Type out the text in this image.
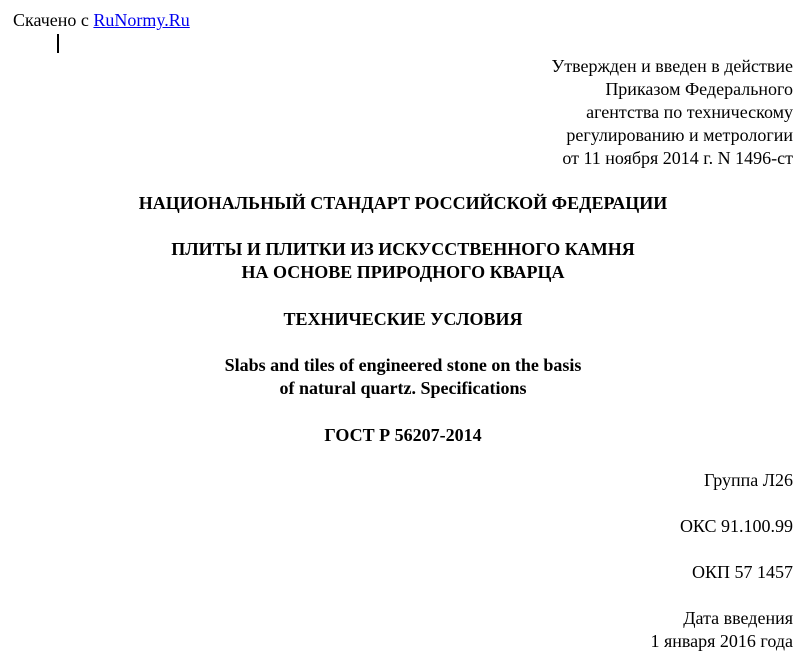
Скачено с RuNormy.Ru
Утвержден и введен в действие
Приказом Федерального
агентства по техническому
регулированию и метрологии
от 11 ноября 2014 г. N 1496-ст
НАЦИОНАЛЬНЫЙ СТАНДАРТ РОССИЙСКОЙ ФЕДЕРАЦИИ
ПЛИТЫ И ПЛИТКИ ИЗ ИСКУССТВЕННОГО КАМНЯ
НА ОСНОВЕ ПРИРОДНОГО КВАРЦА
ТЕХНИЧЕСКИЕ УСЛОВИЯ
Slabs and tiles of engineered stone on the basis
of natural quartz. Specifications
ГОСТ Р 56207-2014
Группа Л26
ОКС 91.100.99
ОКП 57 1457
Дата введения
1 января 2016 года
